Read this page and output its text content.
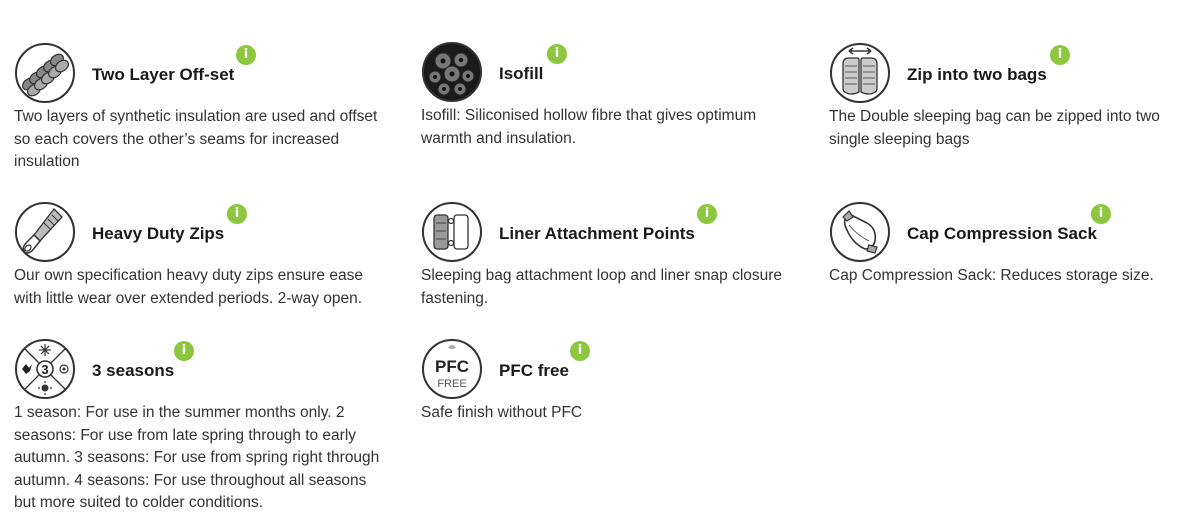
Two Layer Off-set
i
Two layers of synthetic insulation are used and offset so each covers the other’s seams for increased insulation
Isofill
i
Isofill: Siliconised hollow fibre that gives optimum warmth and insulation.
Zip into two bags
i
The Double sleeping bag can be zipped into two single sleeping bags
Heavy Duty Zips
i
Our own specification heavy duty zips ensure ease with little wear over extended periods. 2-way open.
Liner Attachment Points
i
Sleeping bag attachment loop and liner snap closure fastening.
Cap Compression Sack
i
Cap Compression Sack: Reduces storage size.
3	3 seasons
i
1 season: For use in the summer months only. 2 seasons: For use from late spring through to early autumn. 3 seasons: For use from spring right through autumn. 4 seasons: For use throughout all seasons but more suited to colder conditions.
PFC
FREE
PFC free
i
Safe finish without PFC
